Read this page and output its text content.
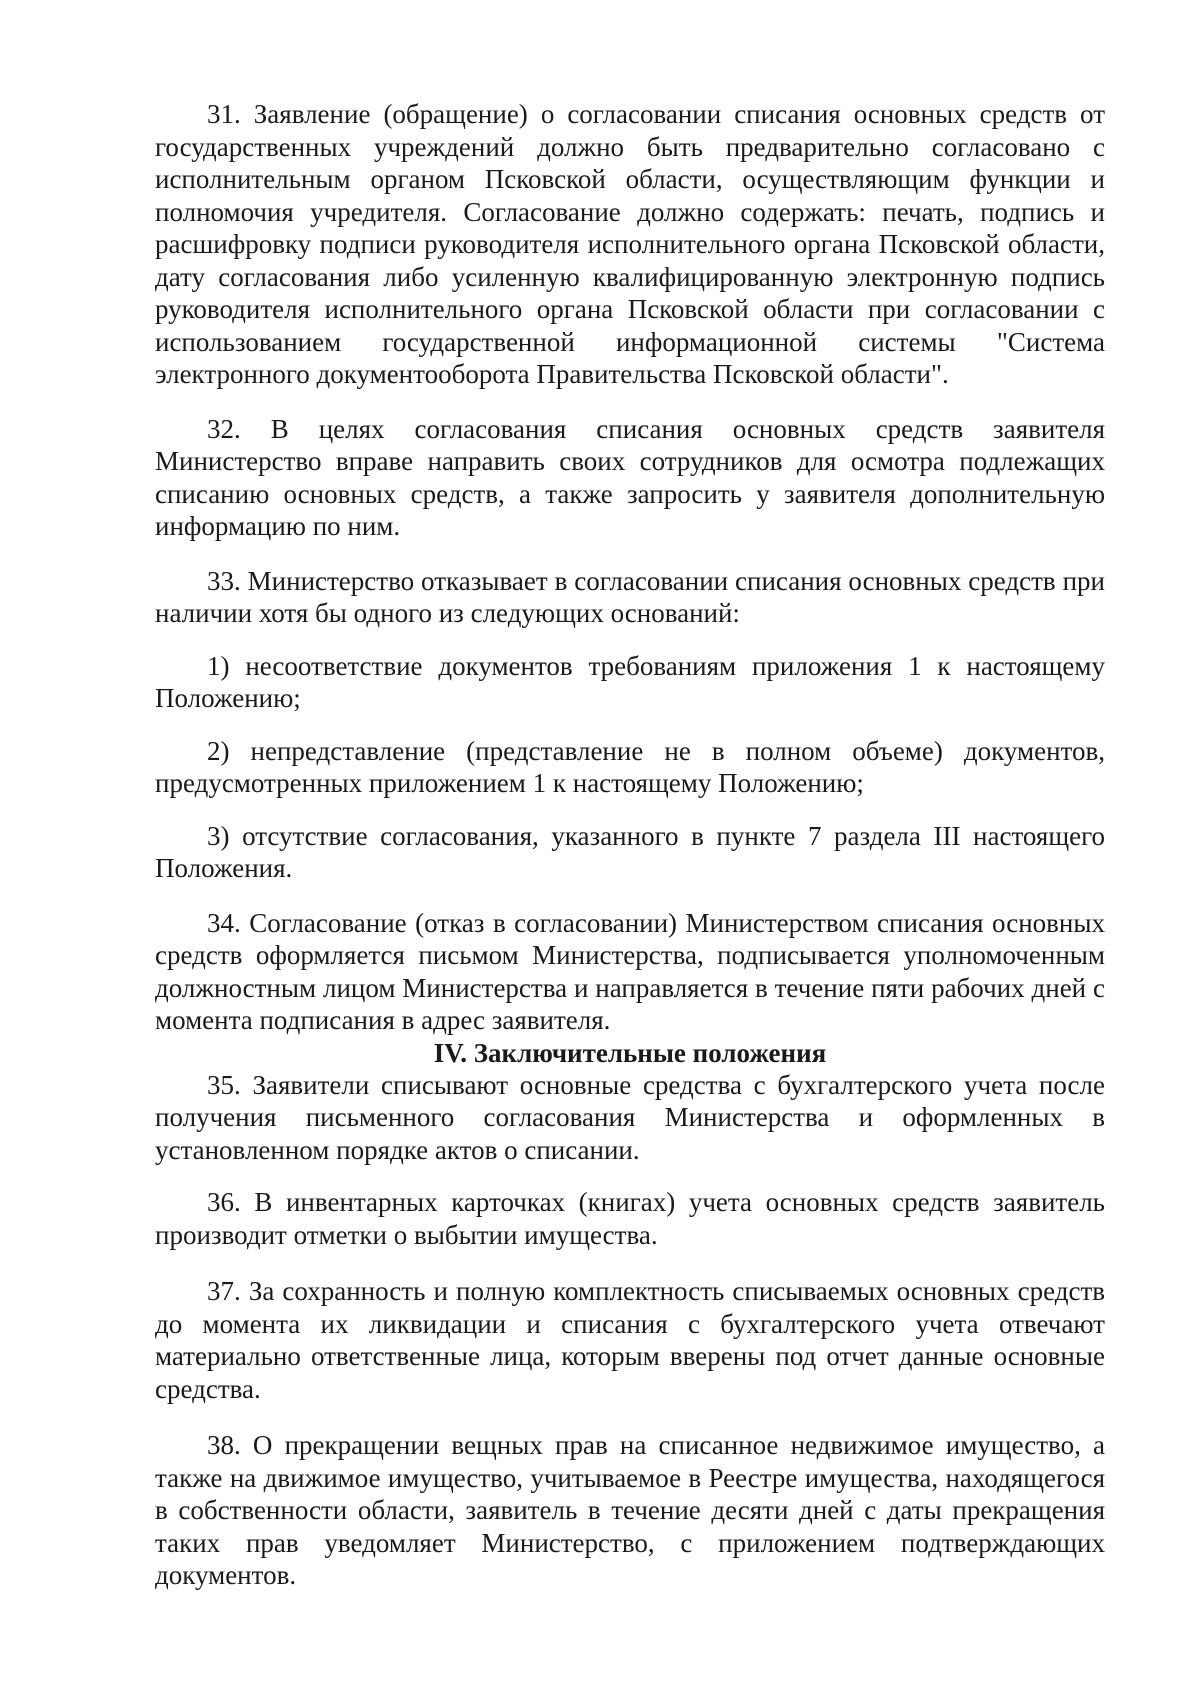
31. Заявление (обращение) о согласовании списания основных средств от государственных учреждений должно быть предварительно согласовано с исполнительным органом Псковской области, осуществляющим функции и полномочия учредителя. Согласование должно содержать: печать, подпись и расшифровку подписи руководителя исполнительного органа Псковской области, дату согласования либо усиленную квалифицированную электронную подпись руководителя исполнительного органа Псковской области при согласовании с использованием государственной информационной системы "Система электронного документооборота Правительства Псковской области".

32. В целях согласования списания основных средств заявителя Министерство вправе направить своих сотрудников для осмотра подлежащих списанию основных средств, а также запросить у заявителя дополнительную информацию по ним.

33. Министерство отказывает в согласовании списания основных средств при наличии хотя бы одного из следующих оснований:

1) несоответствие документов требованиям приложения 1 к настоящему Положению;

2) непредставление (представление не в полном объеме) документов, предусмотренных приложением 1 к настоящему Положению;

3) отсутствие согласования, указанного в пункте 7 раздела III настоящего Положения.

34. Согласование (отказ в согласовании) Министерством списания основных средств оформляется письмом Министерства, подписывается уполномоченным должностным лицом Министерства и направляется в течение пяти рабочих дней с момента подписания в адрес заявителя.

IV. Заключительные положения

35. Заявители списывают основные средства с бухгалтерского учета после получения письменного согласования Министерства и оформленных в установленном порядке актов о списании.

36. В инвентарных карточках (книгах) учета основных средств заявитель производит отметки о выбытии имущества.

37. За сохранность и полную комплектность списываемых основных средств до момента их ликвидации и списания с бухгалтерского учета отвечают материально ответственные лица, которым вверены под отчет данные основные средства.

38. О прекращении вещных прав на списанное недвижимое имущество, а также на движимое имущество, учитываемое в Реестре имущества, находящегося в собственности области, заявитель в течение десяти дней с даты прекращения таких прав уведомляет Министерство, с приложением подтверждающих документов.
